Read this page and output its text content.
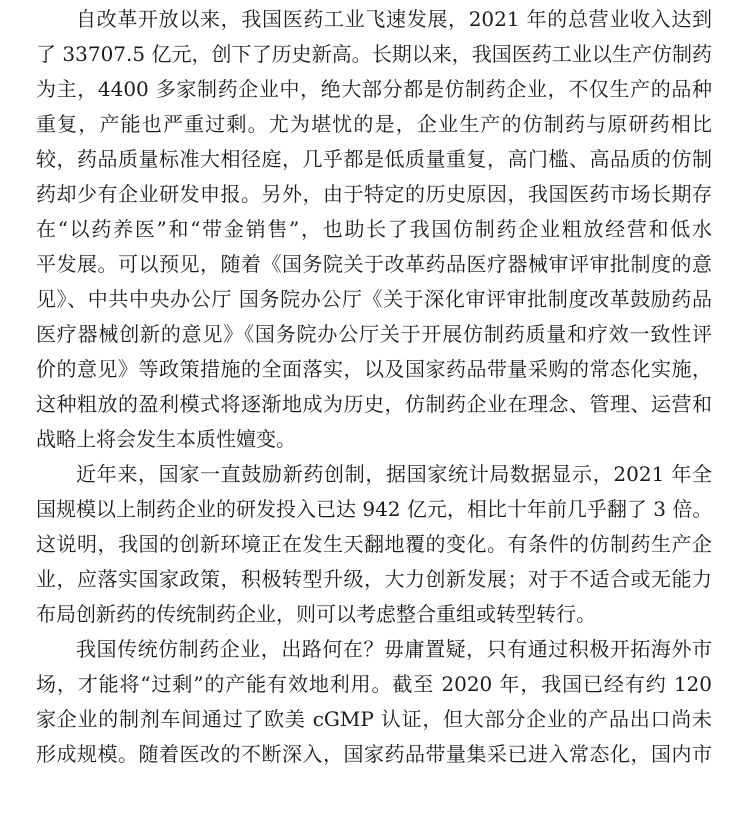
自改革开放以来，我国医药工业飞速发展，2021 年的总营业收入达到
了 33707.5 亿元，创下了历史新高。长期以来，我国医药工业以生产仿制药
为主，4400 多家制药企业中，绝大部分都是仿制药企业，不仅生产的品种
重复，产能也严重过剩。尤为堪忧的是，企业生产的仿制药与原研药相比
较，药品质量标准大相径庭，几乎都是低质量重复，高门槛、高品质的仿制
药却少有企业研发申报。另外，由于特定的历史原因，我国医药市场长期存
在“以药养医”和“带金销售”，也助长了我国仿制药企业粗放经营和低水
平发展。可以预见，随着《国务院关于改革药品医疗器械审评审批制度的意
见》、中共中央办公厅 国务院办公厅《关于深化审评审批制度改革鼓励药品
医疗器械创新的意见》《国务院办公厅关于开展仿制药质量和疗效一致性评
价的意见》等政策措施的全面落实，以及国家药品带量采购的常态化实施，
这种粗放的盈利模式将逐渐地成为历史，仿制药企业在理念、管理、运营和
战略上将会发生本质性嬗变。
近年来，国家一直鼓励新药创制，据国家统计局数据显示，2021 年全
国规模以上制药企业的研发投入已达 942 亿元，相比十年前几乎翻了 3 倍。
这说明，我国的创新环境正在发生天翻地覆的变化。有条件的仿制药生产企
业，应落实国家政策，积极转型升级，大力创新发展；对于不适合或无能力
布局创新药的传统制药企业，则可以考虑整合重组或转型转行。
我国传统仿制药企业，出路何在？毋庸置疑，只有通过积极开拓海外市
场，才能将“过剩”的产能有效地利用。截至 2020 年，我国已经有约 120
家企业的制剂车间通过了欧美 cGMP 认证，但大部分企业的产品出口尚未
形成规模。随着医改的不断深入，国家药品带量集采已进入常态化，国内市
